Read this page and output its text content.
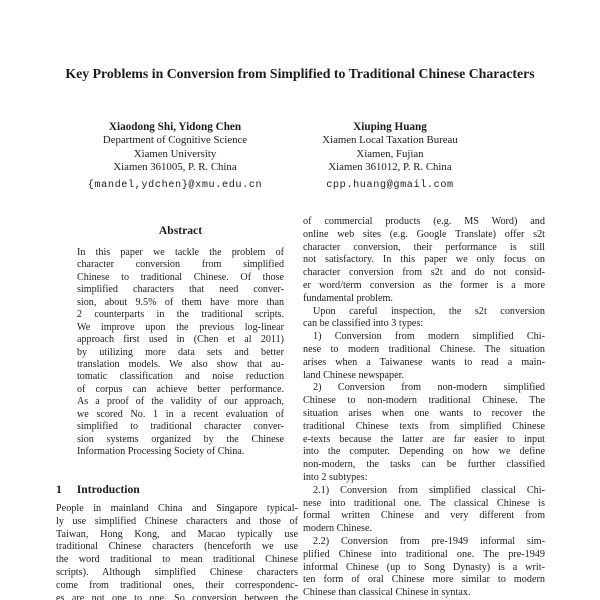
Key Problems in Conversion from Simplified to Traditional Chinese Characters
Xiaodong Shi, Yidong Chen
Department of Cognitive Science
Xiamen University
Xiamen 361005, P. R. China
{mandel,ydchen}@xmu.edu.cn
Xiuping Huang
Xiamen Local Taxation Bureau
Xiamen, Fujian
Xiamen 361012, P. R. China
cpp.huang@gmail.com
Abstract
In this paper we tackle the problem of
character conversion from simplified
Chinese to traditional Chinese. Of those
simplified characters that need conver-
sion, about 9.5% of them have more than
2 counterparts in the traditional scripts.
We improve upon the previous log-linear
approach first used in (Chen et al 2011)
by utilizing more data sets and better
translation models. We also show that au-
tomatic classification and noise reduction
of corpus can achieve better performance.
As a proof of the validity of our approach,
we scored No. 1 in a recent evaluation of
simplified to traditional character conver-
sion systems organized by the Chinese
Information Processing Society of China.
1 Introduction
People in mainland China and Singapore typical-
ly use simplified Chinese characters and those of
Taiwan, Hong Kong, and Macao typically use
traditional Chinese characters (henceforth we use
the word traditional to mean traditional Chinese
scripts). Although simplified Chinese characters
come from traditional ones, their correspondenc-
es are not one to one. So conversion between the
of commercial products (e.g. MS Word) and
online web sites (e.g. Google Translate) offer s2t
character conversion, their performance is still
not satisfactory. In this paper we only focus on
character conversion from s2t and do not consid-
er word/term conversion as the former is a more
fundamental problem.
Upon careful inspection, the s2t conversion
can be classified into 3 types:
1) Conversion from modern simplified Chi-
nese to modern traditional Chinese. The situation
arises when a Taiwanese wants to read a main-
land Chinese newspaper.
2) Conversion from non-modern simplified
Chinese to non-modern traditional Chinese. The
situation arises when one wants to recover the
traditional Chinese texts from simplified Chinese
e-texts because the latter are far easier to input
into the computer. Depending on how we define
non-modern, the tasks can be further classified
into 2 subtypes:
2.1) Conversion from simplified classical Chi-
nese into traditional one. The classical Chinese is
formal written Chinese and very different from
modern Chinese.
2.2) Conversion from pre-1949 informal sim-
plified Chinese into traditional one. The pre-1949
informal Chinese (up to Song Dynasty) is a writ-
ten form of oral Chinese more similar to modern
Chinese than classical Chinese in syntax.
